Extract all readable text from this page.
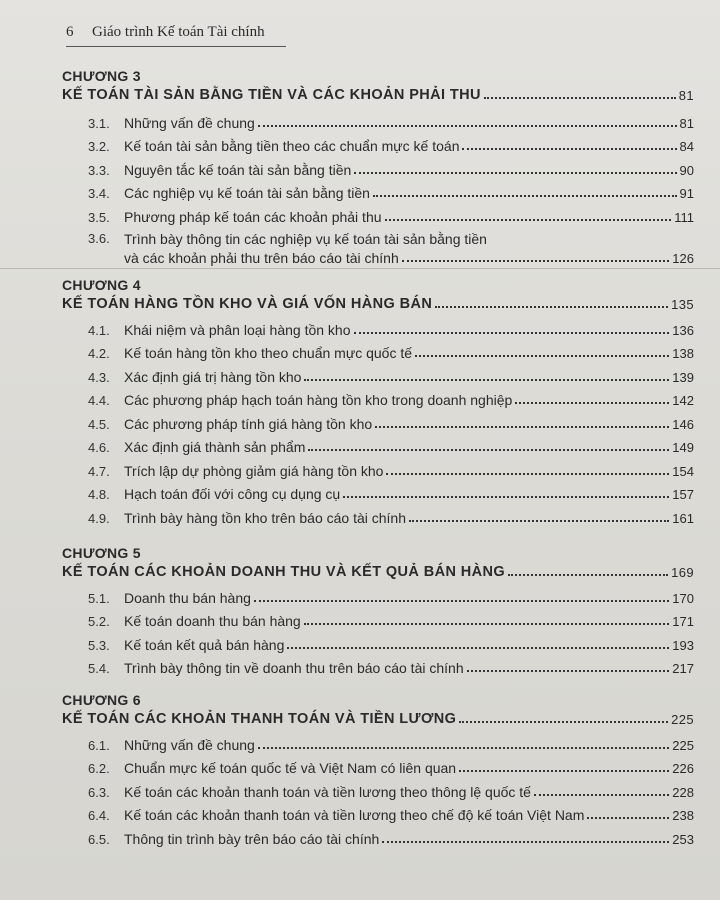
6 Giáo trình Kế toán Tài chính
CHƯƠNG 3
KẾ TOÁN TÀI SẢN BẰNG TIỀN VÀ CÁC KHOẢN PHẢI THU	81
3.1.	Những vấn đề chung	81
3.2.	Kế toán tài sản bằng tiền theo các chuẩn mực kế toán	84
3.3.	Nguyên tắc kế toán tài sản bằng tiền	90
3.4.	Các nghiệp vụ kế toán tài sản bằng tiền	91
3.5.	Phương pháp kế toán các khoản phải thu	111
3.6.	Trình bày thông tin các nghiệp vụ kế toán tài sản bằng tiền
và các khoản phải thu trên báo cáo tài chính	126
CHƯƠNG 4
KẾ TOÁN HÀNG TỒN KHO VÀ GIÁ VỐN HÀNG BÁN	135
4.1.	Khái niệm và phân loại hàng tồn kho	136
4.2.	Kế toán hàng tồn kho theo chuẩn mực quốc tế	138
4.3.	Xác định giá trị hàng tồn kho	139
4.4.	Các phương pháp hạch toán hàng tồn kho trong doanh nghiệp	142
4.5.	Các phương pháp tính giá hàng tồn kho	146
4.6.	Xác định giá thành sản phẩm	149
4.7.	Trích lập dự phòng giảm giá hàng tồn kho	154
4.8.	Hạch toán đối với công cụ dụng cụ	157
4.9.	Trình bày hàng tồn kho trên báo cáo tài chính	161
CHƯƠNG 5
KẾ TOÁN CÁC KHOẢN DOANH THU VÀ KẾT QUẢ BÁN HÀNG	169
5.1.	Doanh thu bán hàng	170
5.2.	Kế toán doanh thu bán hàng	171
5.3.	Kế toán kết quả bán hàng	193
5.4.	Trình bày thông tin về doanh thu trên báo cáo tài chính	217
CHƯƠNG 6
KẾ TOÁN CÁC KHOẢN THANH TOÁN VÀ TIỀN LƯƠNG	225
6.1.	Những vấn đề chung	225
6.2.	Chuẩn mực kế toán quốc tế và Việt Nam có liên quan	226
6.3.	Kế toán các khoản thanh toán và tiền lương theo thông lệ quốc tế	228
6.4.	Kế toán các khoản thanh toán và tiền lương theo chế độ kế toán Việt Nam	238
6.5.	Thông tin trình bày trên báo cáo tài chính	253
